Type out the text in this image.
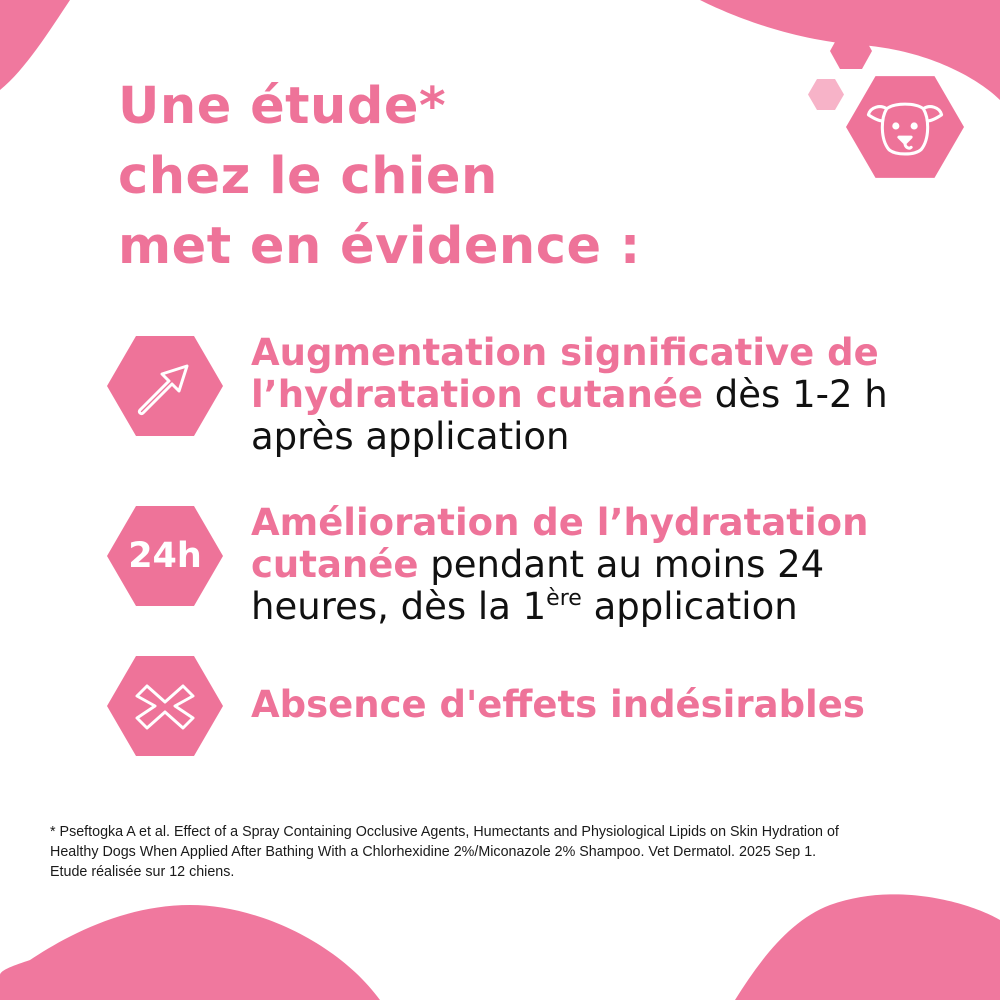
Une étude*
chez le chien
met en évidence :
Augmentation significative de l’hydratation cutanée dès 1-2 h après application
24h
Amélioration de l’hydratation cutanée pendant au moins 24 heures, dès la 1ère application
Absence d'effets indésirables
* Pseftogka A et al. Effect of a Spray Containing Occlusive Agents, Humectants and Physiological Lipids on Skin Hydration of
Healthy Dogs When Applied After Bathing With a Chlorhexidine 2%/Miconazole 2% Shampoo. Vet Dermatol. 2025 Sep 1.
Etude réalisée sur 12 chiens.
